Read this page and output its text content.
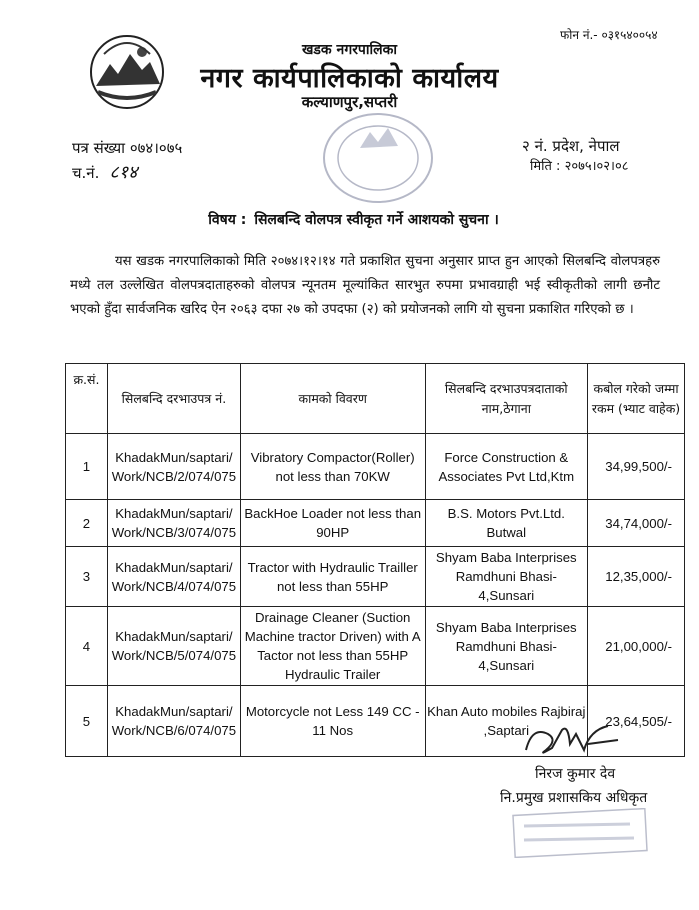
फोन नं.- ०३१५४००५४
खडक नगरपालिका
नगर कार्यपालिकाको कार्यालय
कल्याणपुर,सप्तरी
पत्र संख्या ०७४।०७५
च.नं. ८१४
२ नं. प्रदेश, नेपाल
मिति : २०७५।०२।०८
विषय : सिलबन्दि वोलपत्र स्वीकृत गर्ने आशयको सुचना ।
यस खडक नगरपालिकाको मिति २०७४।१२।१४ गते प्रकाशित सुचना अनुसार प्राप्त हुन आएको सिलबन्दि वोलपत्रहरु मध्ये तल उल्लेखित वोलपत्रदाताहरुको वोलपत्र न्यूनतम मूल्यांकित सारभुत रुपमा प्रभावग्राही भई स्वीकृतीको लागी छनौट भएको हुँदा सार्वजनिक खरिद ऐन २०६३ दफा २७ को उपदफा (२) को प्रयोजनको लागि यो सुचना प्रकाशित गरिएको छ ।
क्र.सं.	सिलबन्दि दरभाउपत्र नं.	कामको विवरण	सिलबन्दि दरभाउपत्रदाताको नाम,ठेगाना	कबोल गरेको जम्मा रकम (भ्याट वाहेक)
1	KhadakMun/saptari/ Work/NCB/2/074/075	Vibratory Compactor(Roller) not less than 70KW	Force Construction & Associates Pvt Ltd,Ktm	34,99,500/-
2	KhadakMun/saptari/ Work/NCB/3/074/075	BackHoe Loader not less than 90HP	B.S. Motors Pvt.Ltd. Butwal	34,74,000/-
3	KhadakMun/saptari/ Work/NCB/4/074/075	Tractor with Hydraulic Trailler not less than 55HP	Shyam Baba Interprises Ramdhuni Bhasi- 4,Sunsari	12,35,000/-
4	KhadakMun/saptari/ Work/NCB/5/074/075	Drainage Cleaner (Suction Machine tractor Driven) with A Tactor not less than 55HP Hydraulic Trailer	Shyam Baba Interprises Ramdhuni Bhasi- 4,Sunsari	21,00,000/-
5	KhadakMun/saptari/ Work/NCB/6/074/075	Motorcycle not Less 149 CC - 11 Nos	Khan Auto mobiles Rajbiraj ,Saptari	23,64,505/-
निरज कुमार देव
नि.प्रमुख प्रशासकिय अधिकृत
